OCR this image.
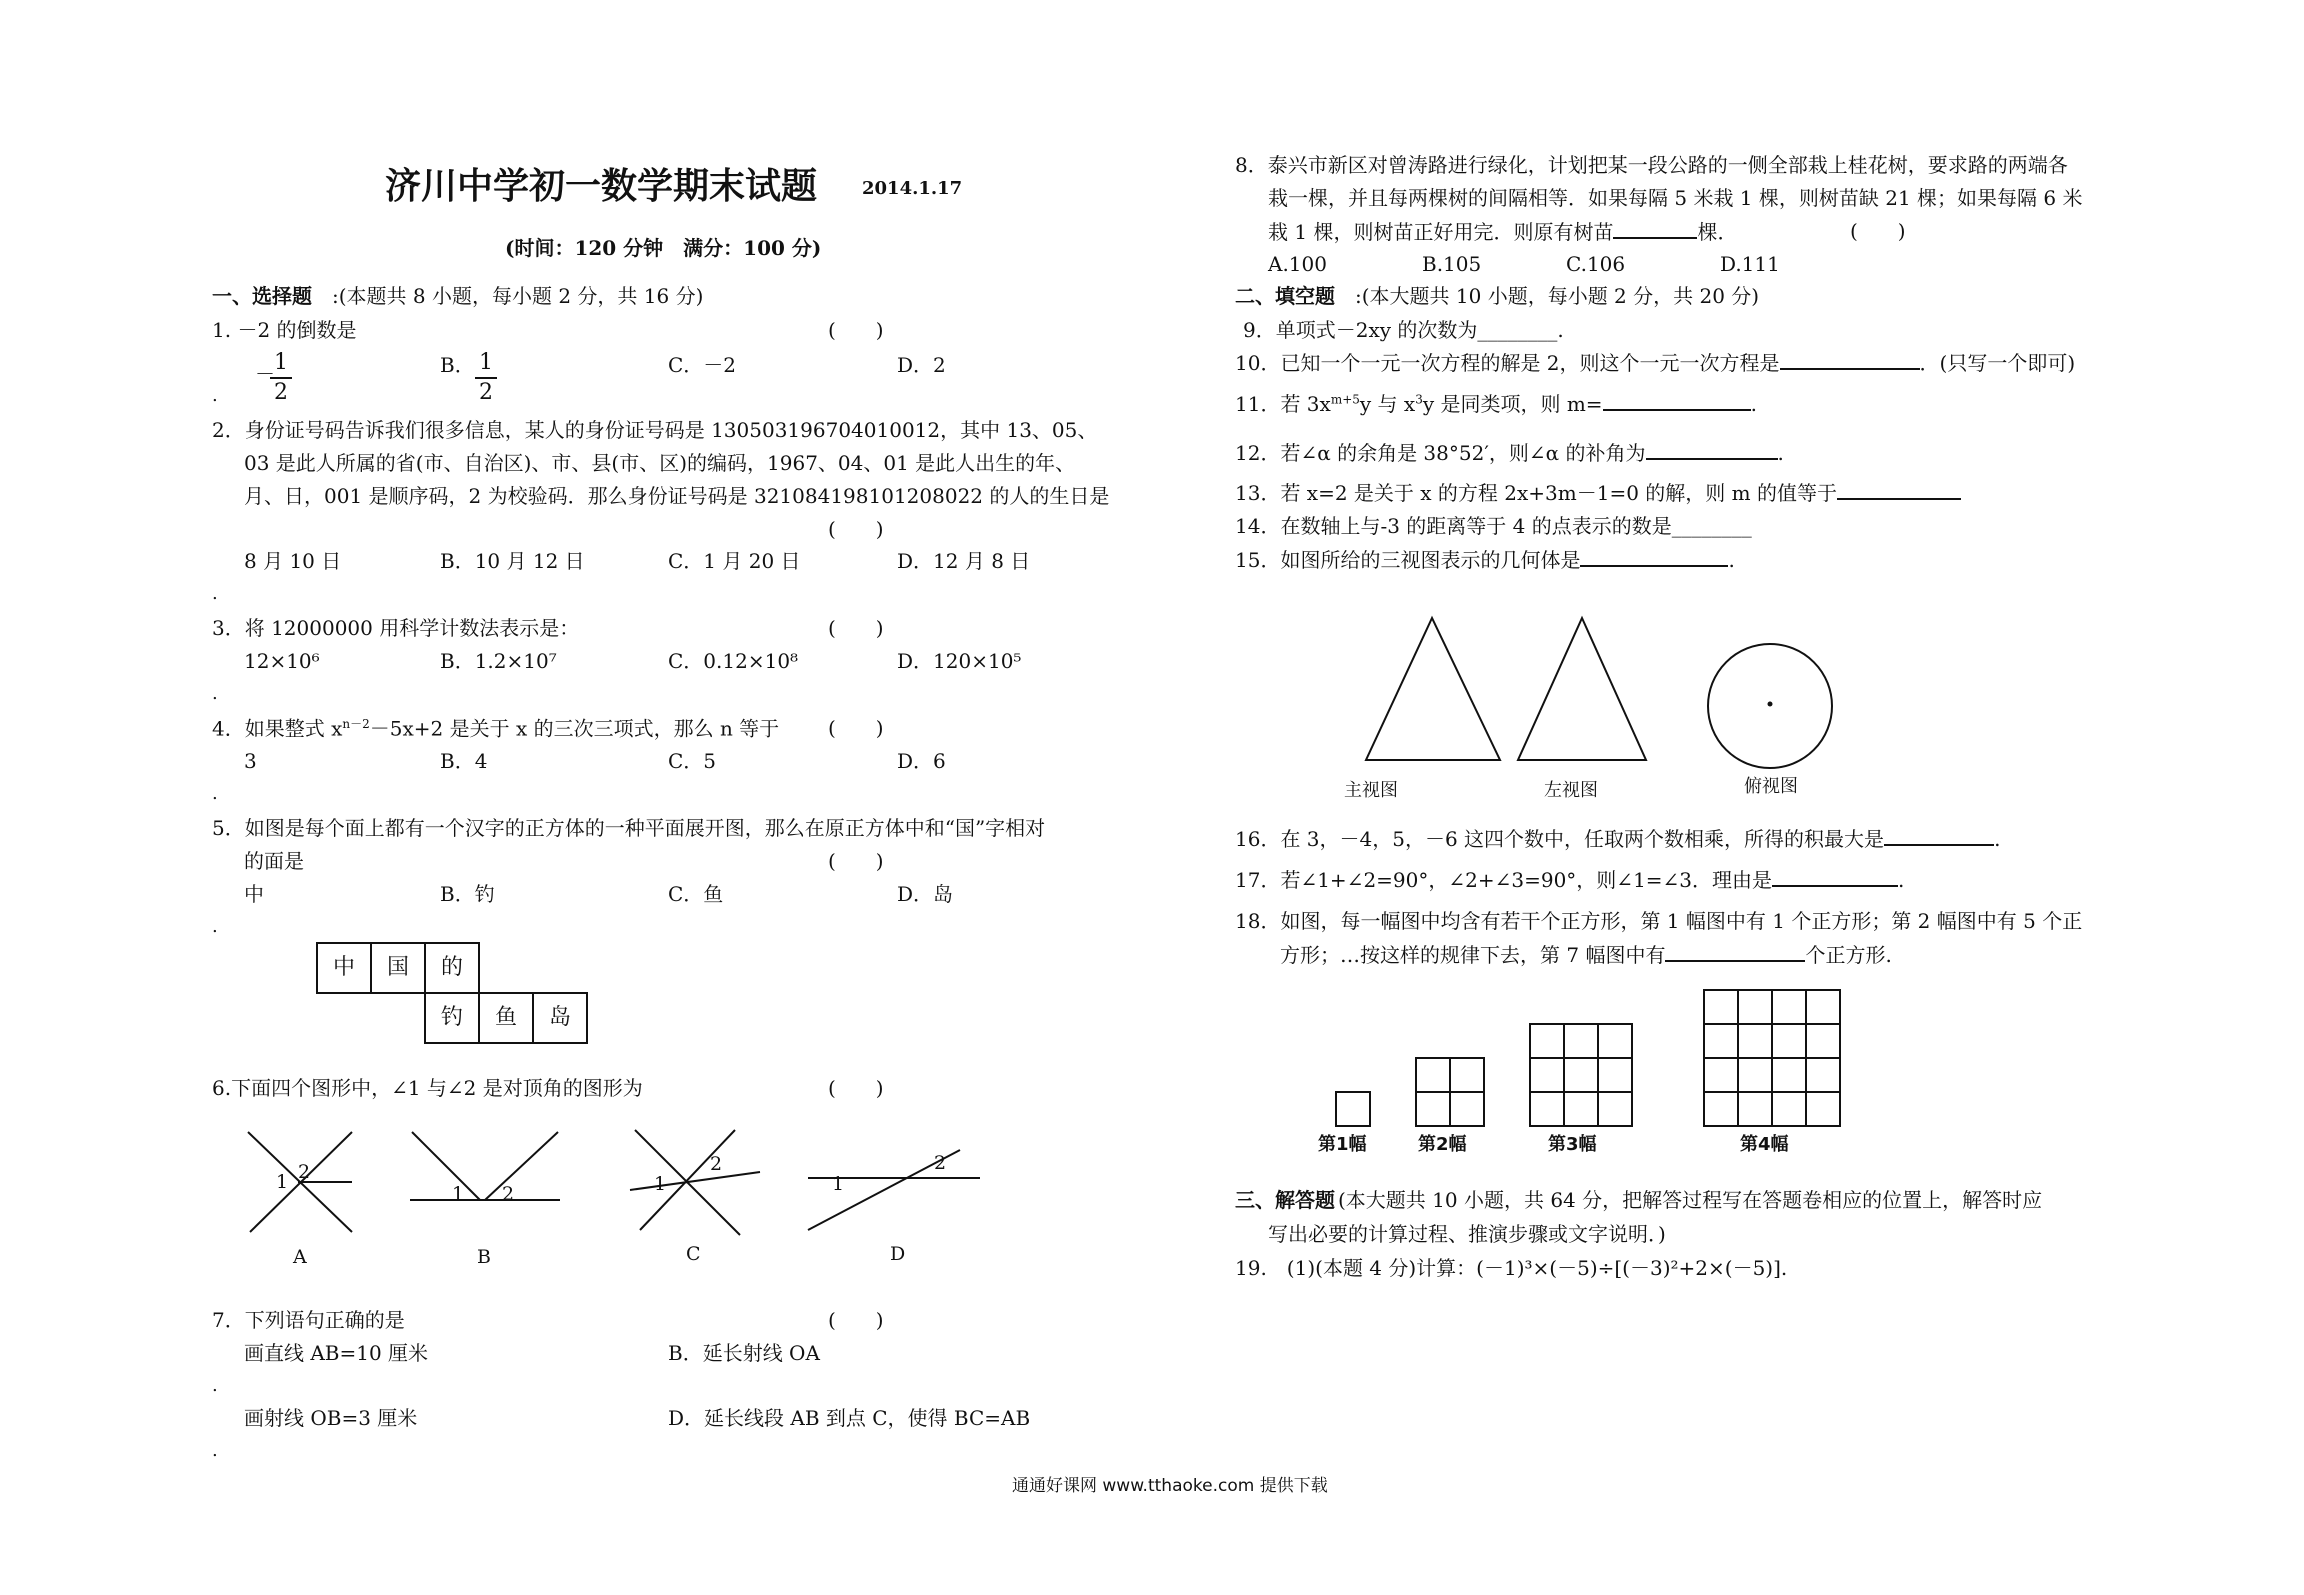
济川中学初一数学期末试题 2014.1.17
(时间：120 分钟　满分：100 分)
一、选择题 :(本题共 8 小题，每小题 2 分，共 16 分)
1. －2 的倒数是	(　　)
－ 1
2
B． 1
2
C．－2	D．2
.
2．身份证号码告诉我们很多信息，某人的身份证号码是 130503196704010012，其中 13、05、
03 是此人所属的省(市、自治区)、市、县(市、区)的编码，1967、04、01 是此人出生的年、
月、日，001 是顺序码，2 为校验码．那么身份证号码是 321084198101208022 的人的生日是
(　　)
8 月 10 日	B．10 月 12 日	C．1 月 20 日	D．12 月 8 日
.
3．将 12000000 用科学计数法表示是：	(　　)
12×10⁶	B．1.2×10⁷	C．0.12×10⁸	D．120×10⁵
.
4．如果整式 $x^{n-2}-5x+2$ 是关于 x 的三次三项式，那么 n 等于 (　　)
3	B．4	C．5	D．6
.
5．如图是每个面上都有一个汉字的正方体的一种平面展开图，那么在原正方体中和“国”字相对
的面是	(　　)
中	B．钓	C．鱼	D．岛
.
中	国	的
钓	鱼	岛
6.下面四个图形中，∠1 与∠2 是对顶角的图形为	(　　)
1 2
1 2	1
2
1
2
A	B	C	D
7．下列语句正确的是	(　　)
画直线 AB=10 厘米	B．延长射线 OA
.
画射线 OB=3 厘米	D．延长线段 AB 到点 C，使得 BC=AB
.
8．泰兴市新区对曾涛路进行绿化，计划把某一段公路的一侧全部栽上桂花树，要求路的两端各
栽一棵，并且每两棵树的间隔相等．如果每隔 5 米栽 1 棵，则树苗缺 21 棵；如果每隔 6 米
栽 1 棵，则树苗正好用完．则原有树苗	棵．	(　　)
A.100	B.105	C.106	D.111
二、填空题 :(本大题共 10 小题，每小题 2 分，共 20 分)
9．单项式－2xy 的次数为________.
10．已知一个一元一次方程的解是 2，则这个一元一次方程是	．(只写一个即可)
11．若 $3x^{m+5}y$ 与 $x^3y$ 是同类项，则 m=	.
12．若∠α 的余角是 38°52′，则∠α 的补角为	.
13．若 x=2 是关于 x 的方程 2x+3m－1=0 的解，则 m 的值等于
14．在数轴上与-3 的距离等于 4 的点表示的数是________
15．如图所给的三视图表示的几何体是	.
主视图	左视图	俯视图
16．在 3，－4，5，－6 这四个数中，任取两个数相乘，所得的积最大是	.
17．若∠1+∠2=90°，∠2+∠3=90°，则∠1=∠3．理由是	.
18．如图，每一幅图中均含有若干个正方形，第 1 幅图中有 1 个正方形；第 2 幅图中有 5 个正
方形；…按这样的规律下去，第 7 幅图中有	个正方形.
第1幅	第2幅	第3幅	第4幅
三、解答题 (本大题共 10 小题，共 64 分，把解答过程写在答题卷相应的位置上，解答时应
写出必要的计算过程、推演步骤或文字说明．)
19.　(1)(本题 4 分)计算：(－1)³×(－5)÷[(－3)²+2×(－5)].
通通好课网 www.tthaoke.com 提供下载
